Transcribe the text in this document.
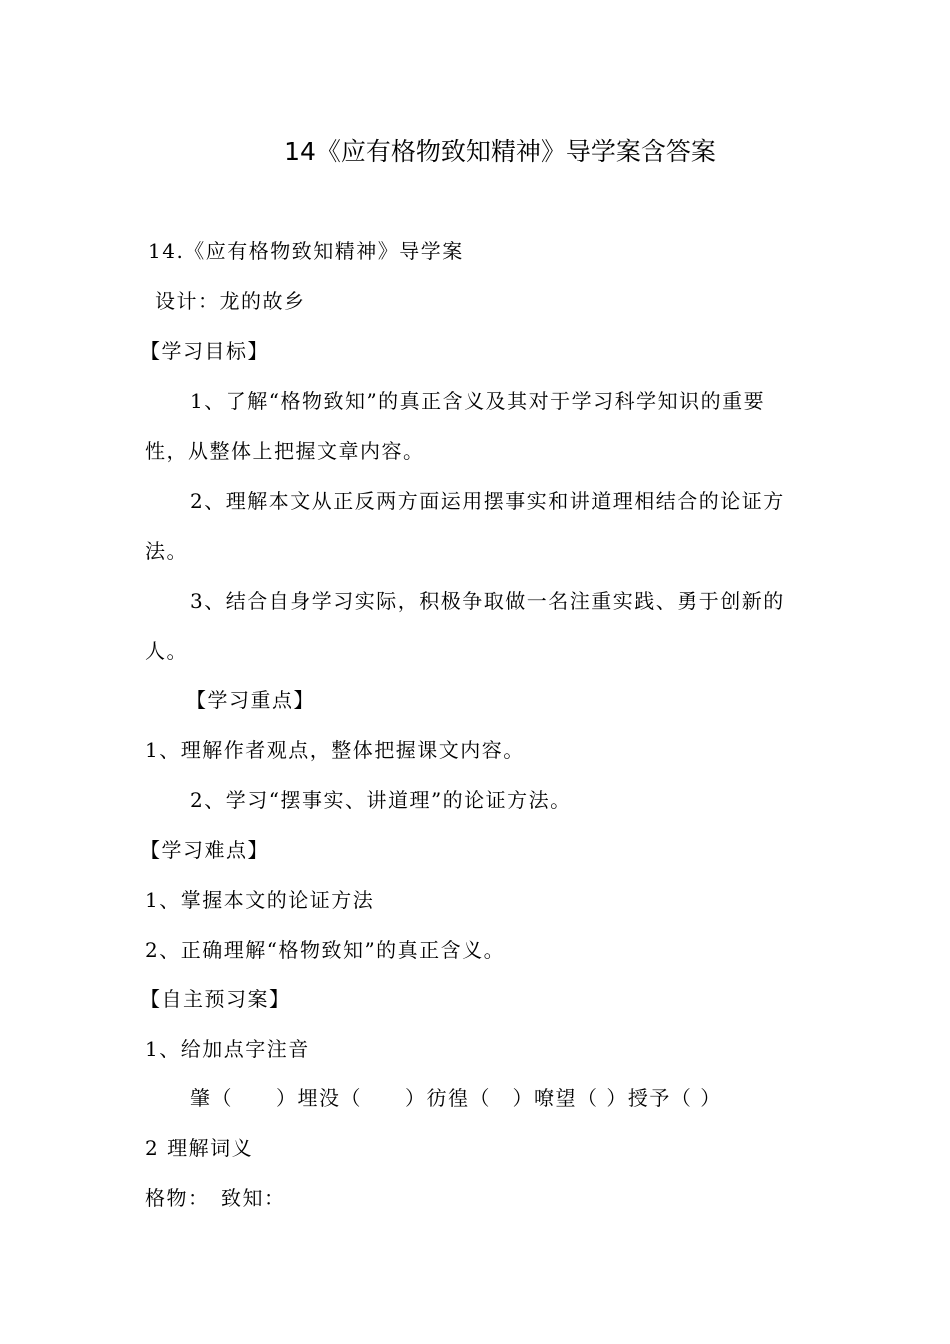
14《应有格物致知精神》导学案含答案
14.《应有格物致知精神》导学案
设计：龙的故乡
【学习目标】
1、了解“格物致知”的真正含义及其对于学习科学知识的重要
性，从整体上把握文章内容。
2、理解本文从正反两方面运用摆事实和讲道理相结合的论证方
法。
3、结合自身学习实际，积极争取做一名注重实践、勇于创新的
人。
【学习重点】
1、理解作者观点，整体把握课文内容。
2、学习“摆事实、讲道理”的论证方法。
【学习难点】
1、掌握本文的论证方法
2、正确理解“格物致知”的真正含义。
【自主预习案】
1、给加点字注音
肇（　　）埋没（　　）彷徨（　）嘹望（ ）授予（ ）
2 理解词义
格物：　致知：
